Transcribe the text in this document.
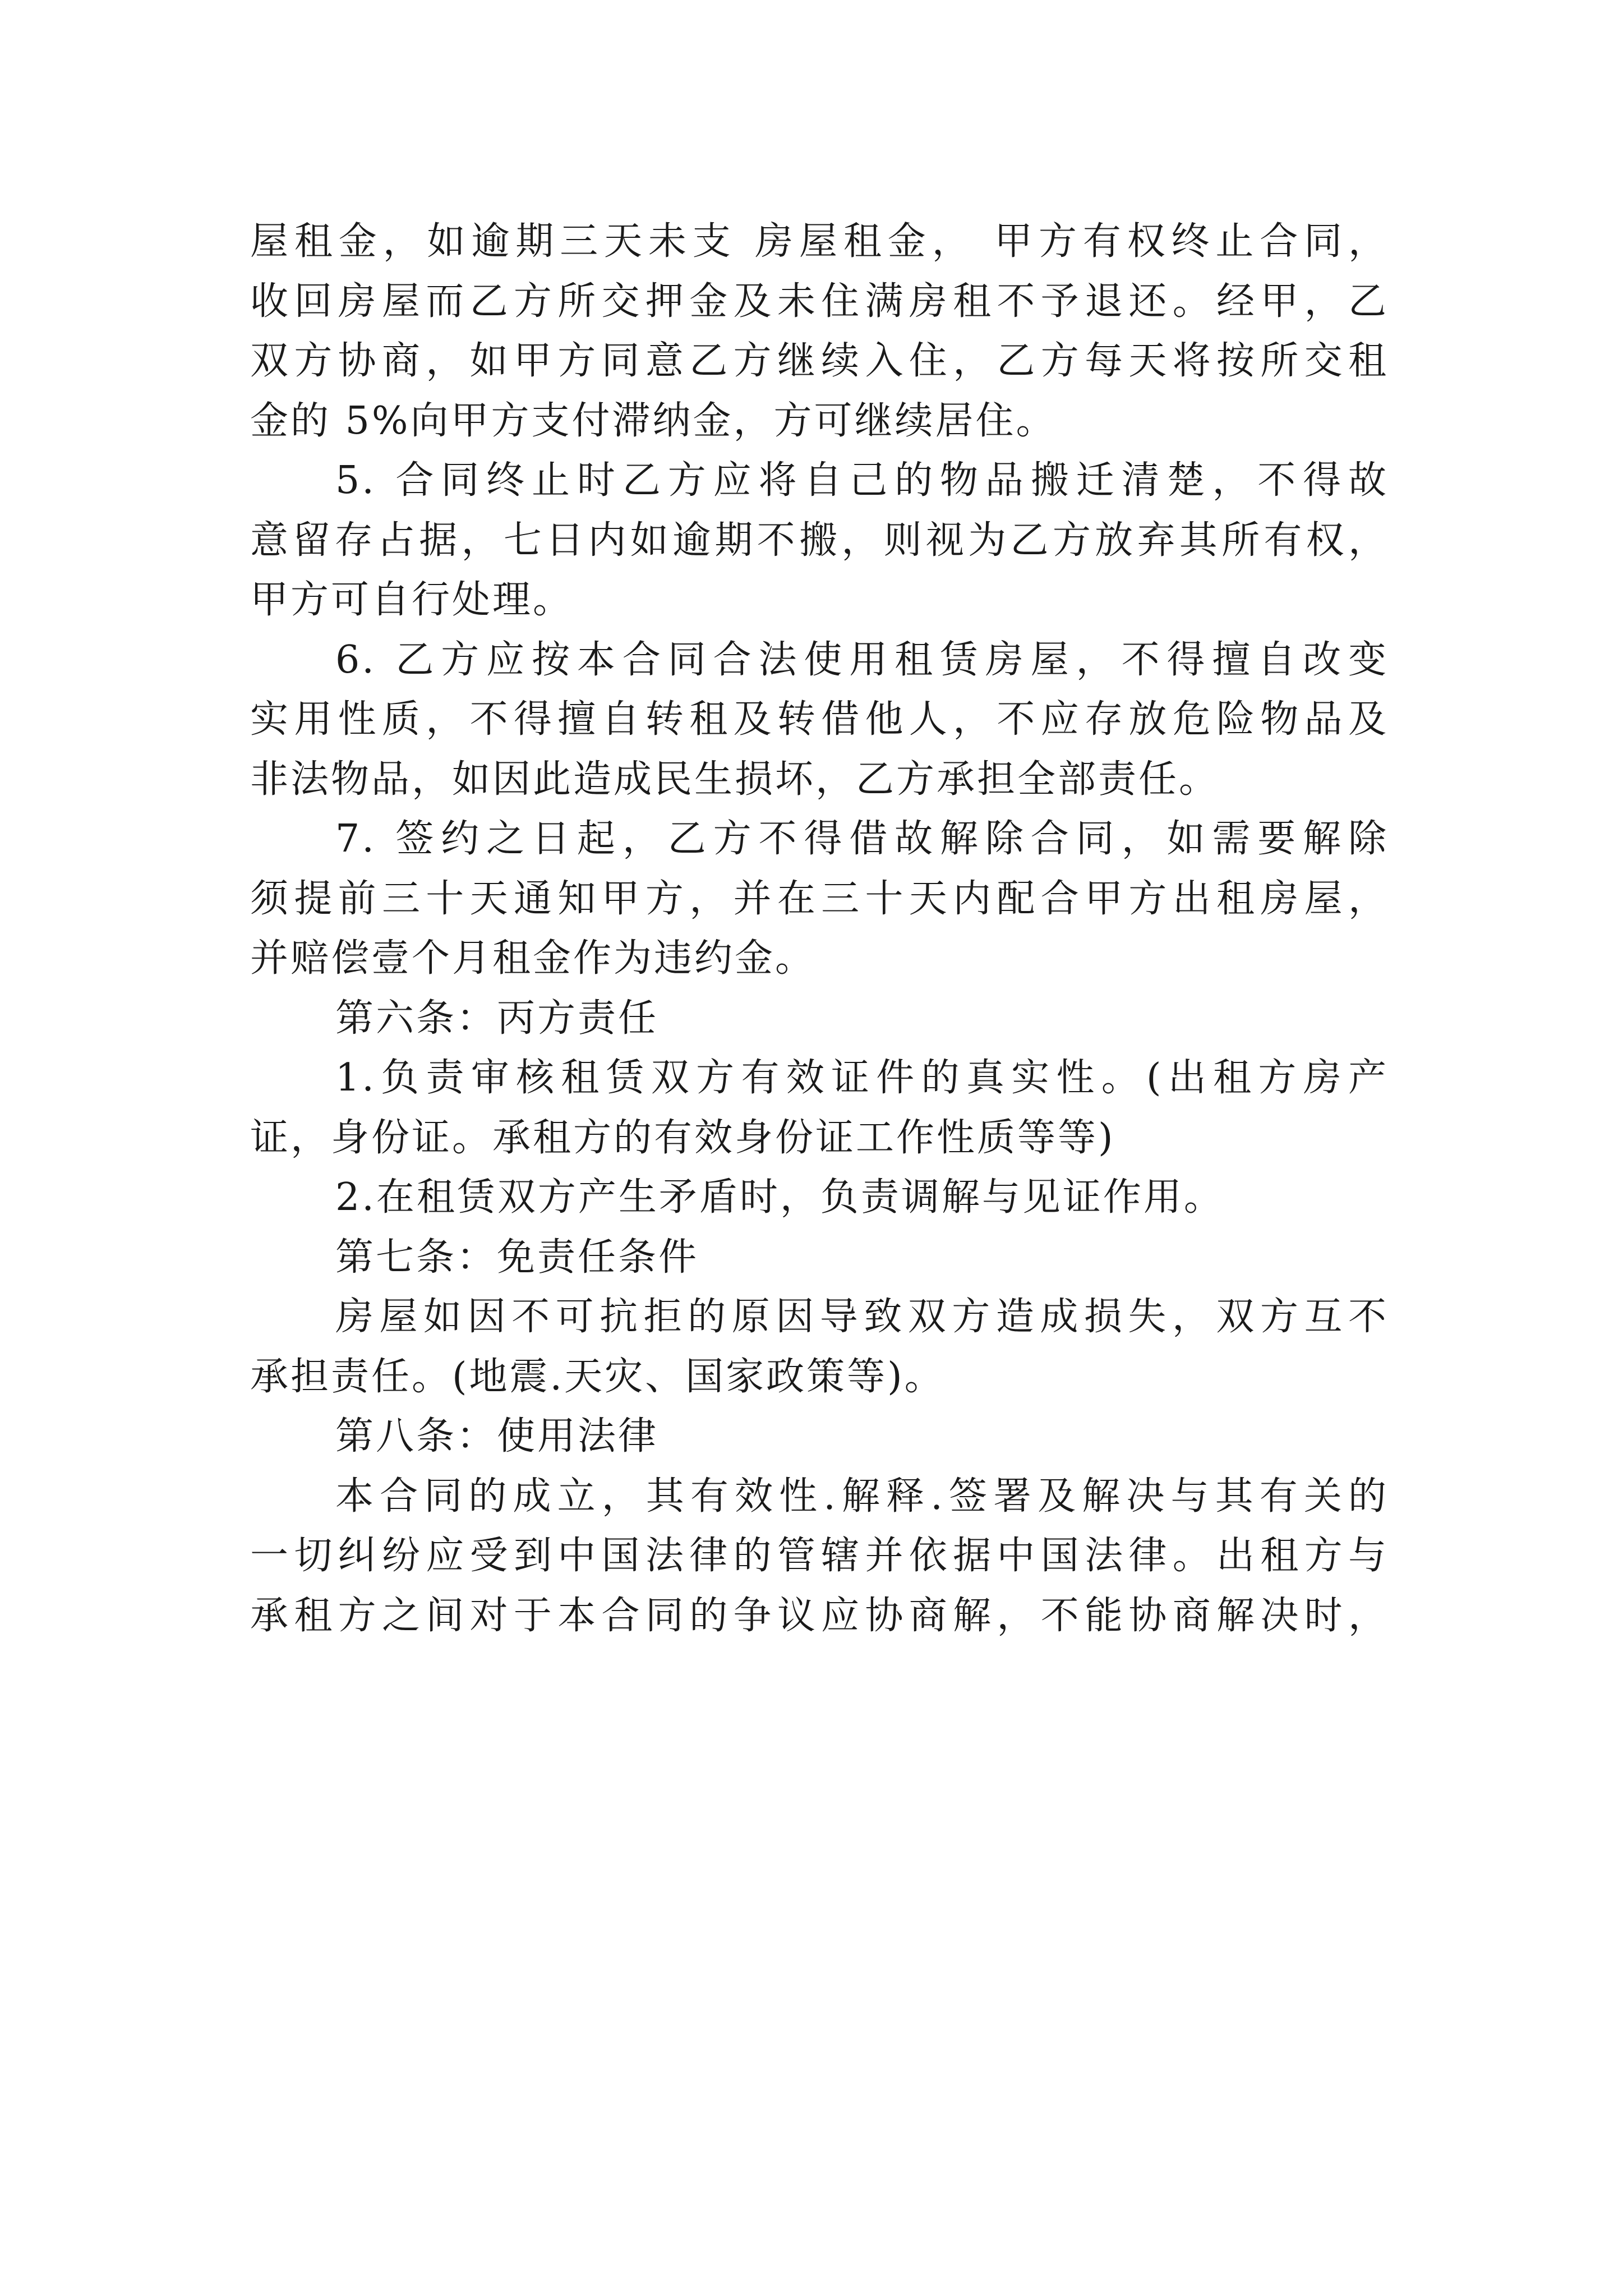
屋租金，如逾期三天未支 房屋租金， 甲方有权终止合同，
收回房屋而乙方所交押金及未住满房租不予退还。经甲，乙
双方协商，如甲方同意乙方继续入住，乙方每天将按所交租
金的 5%向甲方支付滞纳金，方可继续居住。
5. 合同终止时乙方应将自己的物品搬迁清楚，不得故
意留存占据，七日内如逾期不搬，则视为乙方放弃其所有权，
甲方可自行处理。
6. 乙方应按本合同合法使用租赁房屋，不得擅自改变
实用性质，不得擅自转租及转借他人，不应存放危险物品及
非法物品，如因此造成民生损坏，乙方承担全部责任。
7. 签约之日起，乙方不得借故解除合同，如需要解除
须提前三十天通知甲方，并在三十天内配合甲方出租房屋，
并赔偿壹个月租金作为违约金。
第六条：丙方责任
1.负责审核租赁双方有效证件的真实性。(出租方房产
证，身份证。承租方的有效身份证工作性质等等)
2.在租赁双方产生矛盾时，负责调解与见证作用。
第七条：免责任条件
房屋如因不可抗拒的原因导致双方造成损失，双方互不
承担责任。(地震.天灾、国家政策等)。
第八条：使用法律
本合同的成立，其有效性.解释.签署及解决与其有关的
一切纠纷应受到中国法律的管辖并依据中国法律。出租方与
承租方之间对于本合同的争议应协商解，不能协商解决时，
